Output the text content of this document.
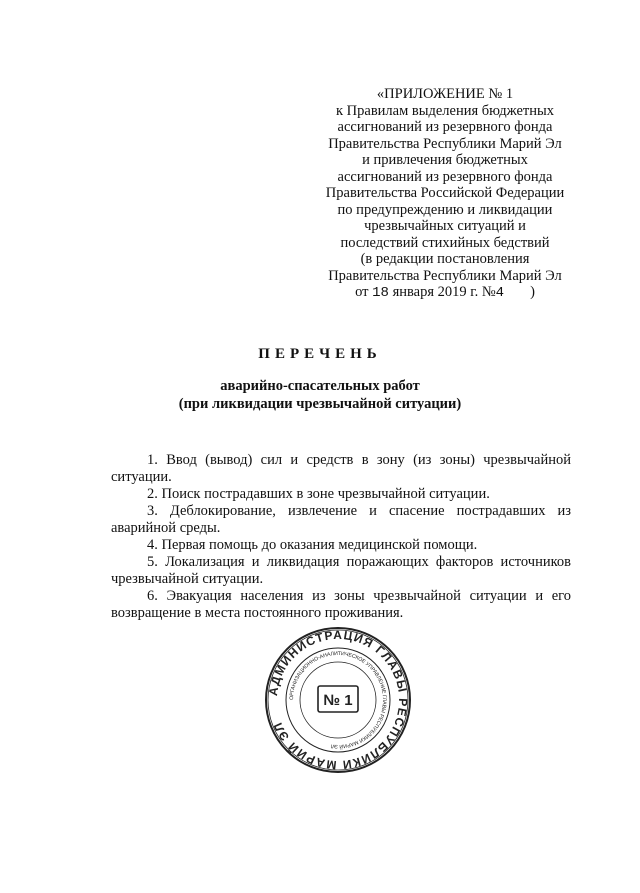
«ПРИЛОЖЕНИЕ № 1
к Правилам выделения бюджетных
ассигнований из резервного фонда
Правительства Республики Марий Эл
и привлечения бюджетных
ассигнований из резервного фонда
Правительства Российской Федерации
по предупреждению и ликвидации
чрезвычайных ситуаций и
последствий стихийных бедствий
(в редакции постановления
Правительства Республики Марий Эл
от 18 января 2019 г. №4 )
ПЕРЕЧЕНЬ
аварийно-спасательных работ
(при ликвидации чрезвычайной ситуации)

1. Ввод (вывод) сил и средств в зону (из зоны) чрезвычайной ситуации.

2. Поиск пострадавших в зоне чрезвычайной ситуации.

3. Деблокирование, извлечение и спасение пострадавших из аварийной среды.

4. Первая помощь до оказания медицинской помощи.

5. Локализация и ликвидация поражающих факторов источников чрезвычайной ситуации.

6. Эвакуация населения из зоны чрезвычайной ситуации и его возвращение в места постоянного проживания.

АДМИНИСТРАЦИЯ ГЛАВЫ РЕСПУБЛИКИ МАРИЙ ЭЛ
ОРГАНИЗАЦИОННО-АНАЛИТИЧЕСКОЕ УПРАВЛЕНИЕ ГЛАВЫ РЕСПУБЛИКИ МАРИЙ ЭЛ
№ 1
